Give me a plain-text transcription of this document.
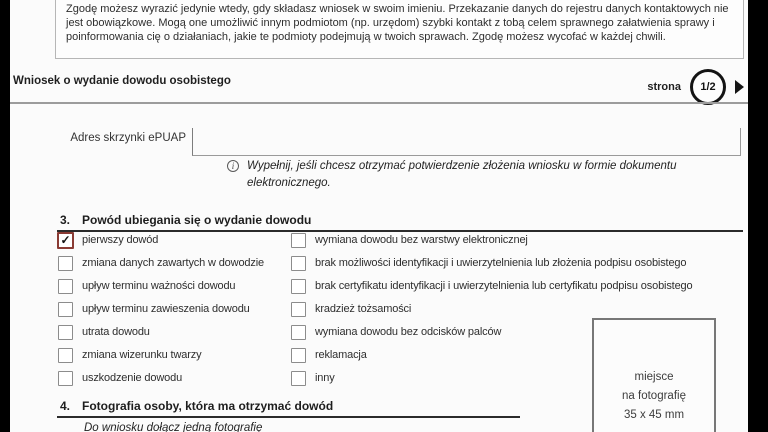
Zgodę możesz wyrazić jedynie wtedy, gdy składasz wniosek w swoim imieniu. Przekazanie danych do rejestru danych kontaktowych nie jest obowiązkowe. Mogą one umożliwić innym podmiotom (np. urzędom) szybki kontakt z tobą celem sprawnego załatwienia sprawy i poinformowania cię o działaniach, jakie te podmioty podejmują w twoich sprawach. Zgodę możesz wycofać w każdej chwili.
Wniosek o wydanie dowodu osobistego	strona	1/2
Adres skrzynki ePUAP
i	Wypełnij, jeśli chcesz otrzymać potwierdzenie złożenia wniosku w formie dokumentu elektronicznego.
3. Powód ubiegania się o wydanie dowodu
✓	pierwszy dowód
zmiana danych zawartych w dowodzie
upływ terminu ważności dowodu
upływ terminu zawieszenia dowodu
utrata dowodu
zmiana wizerunku twarzy
uszkodzenie dowodu
wymiana dowodu bez warstwy elektronicznej
brak możliwości identyfikacji i uwierzytelnienia lub złożenia podpisu osobistego
brak certyfikatu identyfikacji i uwierzytelnienia lub certyfikatu podpisu osobistego
kradzież tożsamości
wymiana dowodu bez odcisków palców
reklamacja
inny
4. Fotografia osoby, która ma otrzymać dowód
Do wniosku dołącz jedną fotografię
miejsce
na fotografię
35 x 45 mm
